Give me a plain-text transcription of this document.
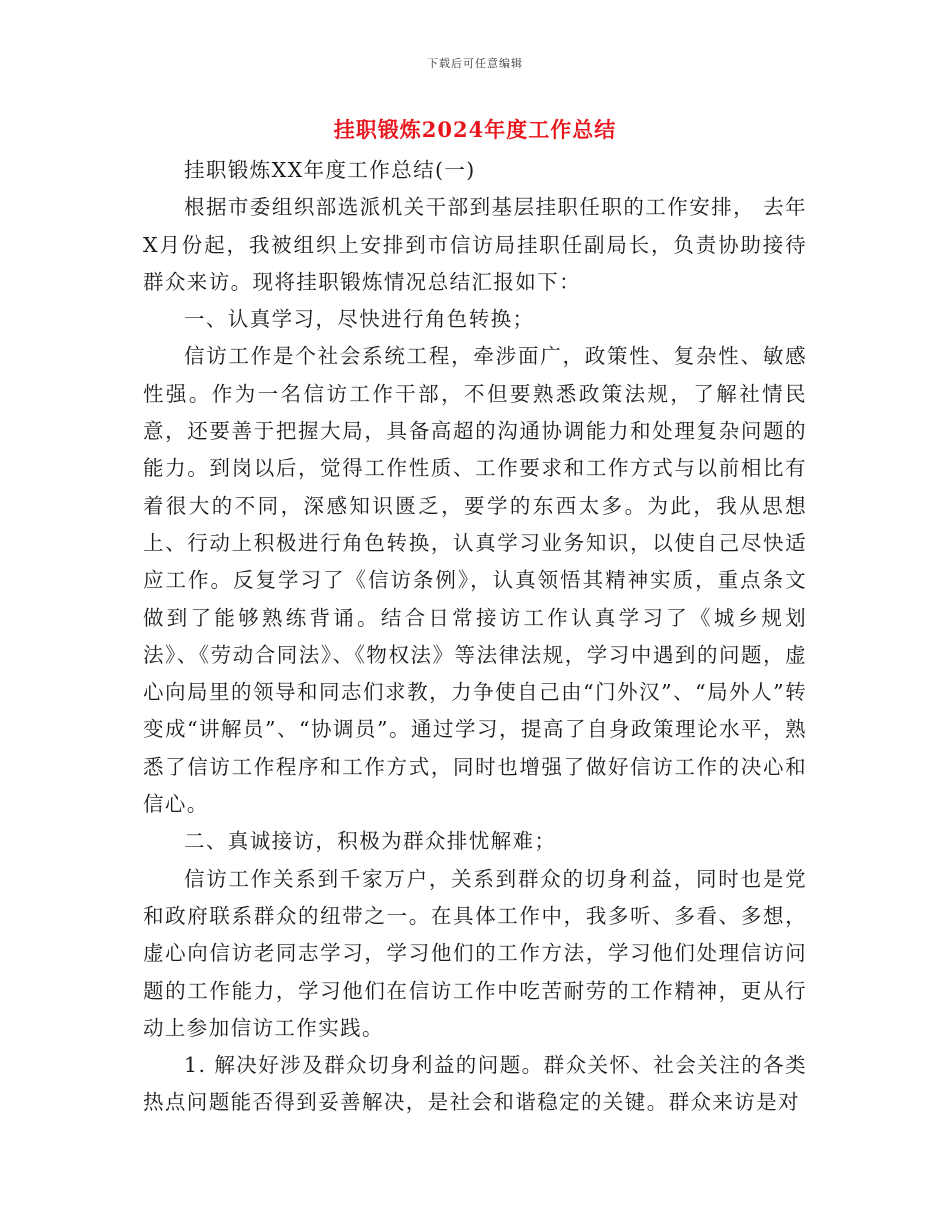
下载后可任意编辑
挂职锻炼2024年度工作总结

挂职锻炼XX年度工作总结(一)

根据市委组织部选派机关干部到基层挂职任职的工作安排， 去年X月份起，我被组织上安排到市信访局挂职任副局长，负责协助接待群众来访。现将挂职锻炼情况总结汇报如下：

一、认真学习，尽快进行角色转换；

信访工作是个社会系统工程，牵涉面广，政策性、复杂性、敏感性强。作为一名信访工作干部，不但要熟悉政策法规，了解社情民意，还要善于把握大局，具备高超的沟通协调能力和处理复杂问题的能力。到岗以后，觉得工作性质、工作要求和工作方式与以前相比有着很大的不同，深感知识匮乏，要学的东西太多。为此，我从思想上、行动上积极进行角色转换，认真学习业务知识，以使自己尽快适应工作。反复学习了《信访条例》，认真领悟其精神实质，重点条文做到了能够熟练背诵。结合日常接访工作认真学习了《城乡规划法》、《劳动合同法》、《物权法》等法律法规，学习中遇到的问题，虚心向局里的领导和同志们求教，力争使自己由“门外汉”、“局外人”转变成“讲解员”、“协调员”。通过学习，提高了自身政策理论水平，熟悉了信访工作程序和工作方式，同时也增强了做好信访工作的决心和信心。

二、真诚接访，积极为群众排忧解难；

信访工作关系到千家万户，关系到群众的切身利益，同时也是党和政府联系群众的纽带之一。在具体工作中，我多听、多看、多想，虚心向信访老同志学习，学习他们的工作方法，学习他们处理信访问题的工作能力，学习他们在信访工作中吃苦耐劳的工作精神，更从行动上参加信访工作实践。

1. 解决好涉及群众切身利益的问题。群众关怀、社会关注的各类热点问题能否得到妥善解决，是社会和谐稳定的关键。群众来访是对
